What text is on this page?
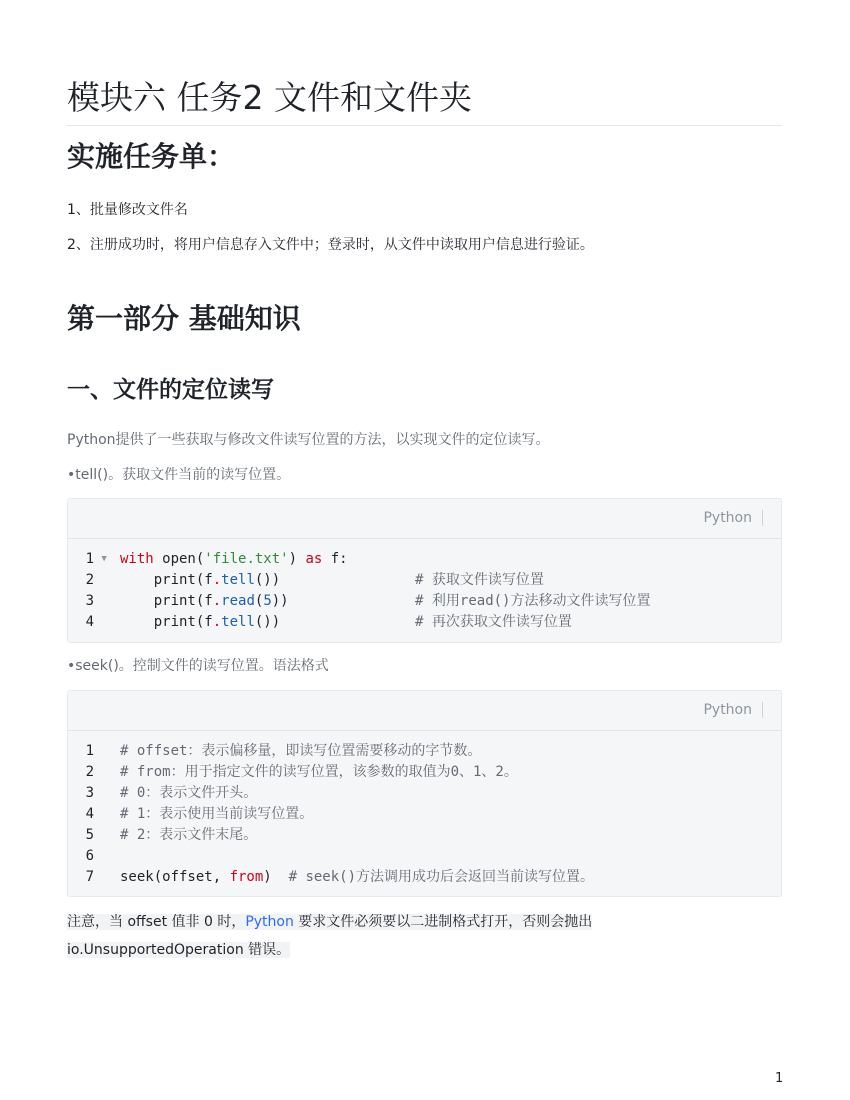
模块六 任务2 文件和文件夹
实施任务单：

1、批量修改文件名

2、注册成功时，将用户信息存入文件中；登录时，从文件中读取用户信息进行验证。

第一部分 基础知识
一、文件的定位读写

Python提供了一些获取与修改文件读写位置的方法，以实现文件的定位读写。

•tell()。获取文件当前的读写位置。

Python
1 ▼ with open('file.txt') as f:
2 print(f.tell())                # 获取文件读写位置
3 print(f.read(5))               # 利用read()方法移动文件读写位置
4 print(f.tell())                # 再次获取文件读写位置

•seek()。控制文件的读写位置。语法格式

Python
1 # offset：表示偏移量，即读写位置需要移动的字节数。
2 # from：用于指定文件的读写位置，该参数的取值为0、1、2。
3 # 0：表示文件开头。
4 # 1：表示使用当前读写位置。
5 # 2：表示文件末尾。
6
7 seek(offset, from)  # seek()方法调用成功后会返回当前读写位置。

注意，当 offset 值非 0 时，Python 要求文件必须要以二进制格式打开，否则会抛出
io.UnsupportedOperation 错误。

1
